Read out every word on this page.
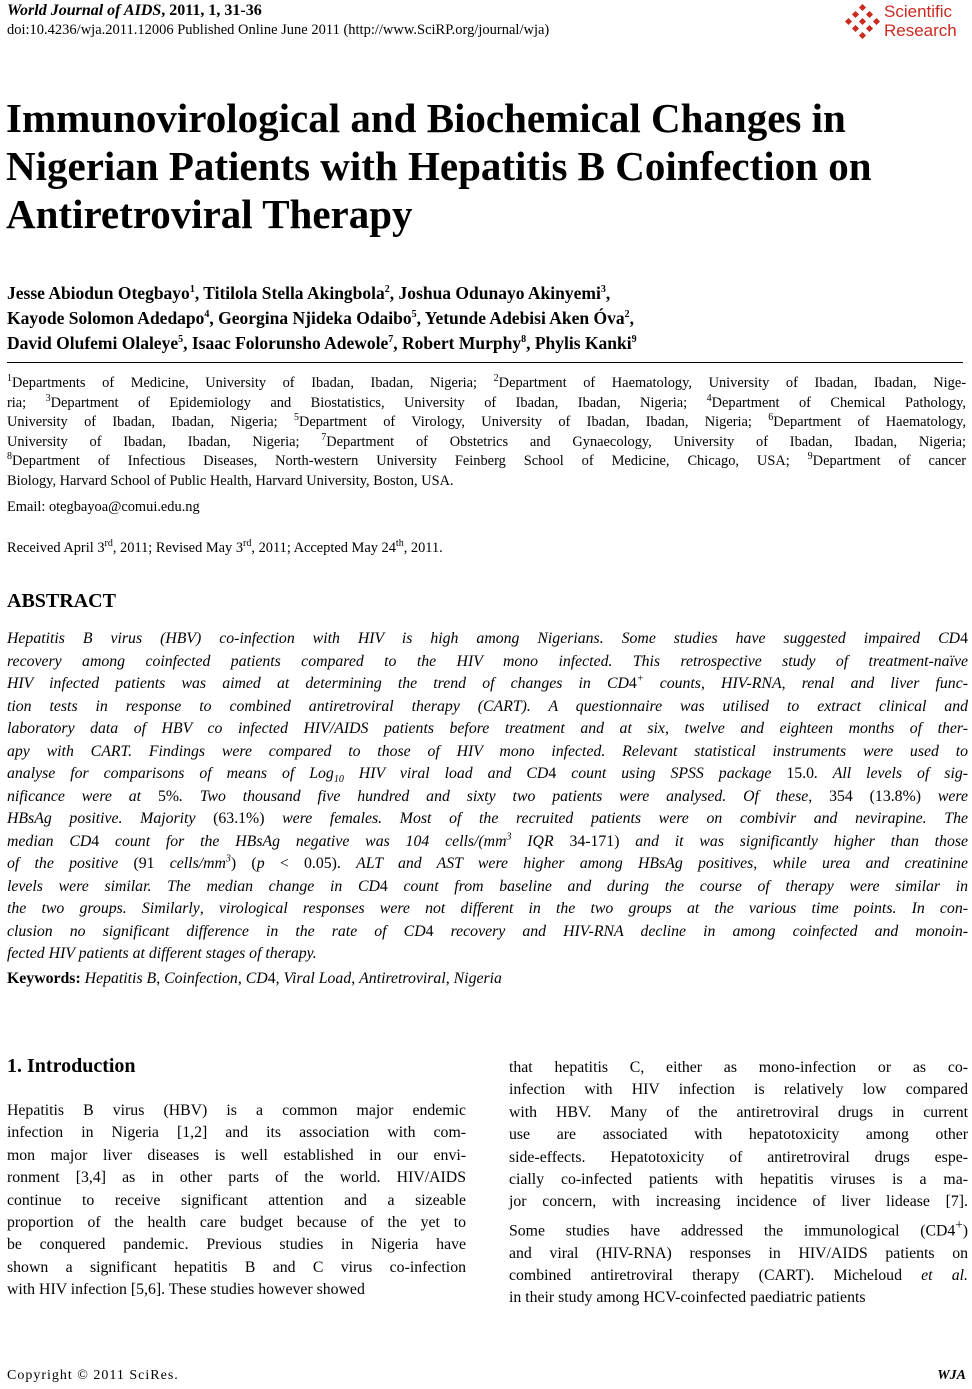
World Journal of AIDS, 2011, 1, 31-36
doi:10.4236/wja.2011.12006 Published Online June 2011 (http://www.SciRP.org/journal/wja)
Scientific
Research
Immunovirological and Biochemical Changes in
Nigerian Patients with Hepatitis B Coinfection on
Antiretroviral Therapy
Jesse Abiodun Otegbayo$^1$, Titilola Stella Akingbola$^2$, Joshua Odunayo Akinyemi$^3$,
Kayode Solomon Adedapo$^4$, Georgina Njideka Odaibo$^5$, Yetunde Adebisi Aken Óva$^2$,
David Olufemi Olaleye$^5$, Isaac Folorunsho Adewole$^7$, Robert Murphy$^8$, Phylis Kanki$^9$
$^1$Departments of Medicine, University of Ibadan, Ibadan, Nigeria; $^2$Department of Haematology, University of Ibadan, Ibadan, Nige-
ria; $^3$Department of Epidemiology and Biostatistics, University of Ibadan, Ibadan, Nigeria; $^4$Department of Chemical Pathology,
University of Ibadan, Ibadan, Nigeria; $^5$Department of Virology, University of Ibadan, Ibadan, Nigeria; $^6$Department of Haematology,
University of Ibadan, Ibadan, Nigeria; $^7$Department of Obstetrics and Gynaecology, University of Ibadan, Ibadan, Nigeria;
$^8$Department of Infectious Diseases, North-western University Feinberg School of Medicine, Chicago, USA; $^9$Department of cancer
Biology, Harvard School of Public Health, Harvard University, Boston, USA.
Email: otegbayoa@comui.edu.ng
Received April 3rd, 2011; Revised May 3rd, 2011; Accepted May 24th, 2011.
ABSTRACT
Hepatitis B virus (HBV) co-infection with HIV is high among Nigerians. Some studies have suggested impaired CD4
recovery among coinfected patients compared to the HIV mono infected. This retrospective study of treatment-naïve
HIV infected patients was aimed at determining the trend of changes in CD4+ counts, HIV-RNA, renal and liver func-
tion tests in response to combined antiretroviral therapy (CART). A questionnaire was utilised to extract clinical and
laboratory data of HBV co infected HIV/AIDS patients before treatment and at six, twelve and eighteen months of ther-
apy with CART. Findings were compared to those of HIV mono infected. Relevant statistical instruments were used to
analyse for comparisons of means of Log$_{10}$ HIV viral load and CD4 count using SPSS package 15.0. All levels of sig-
nificance were at 5%. Two thousand five hundred and sixty two patients were analysed. Of these, 354 (13.8%) were
HBsAg positive. Majority (63.1%) were females. Most of the recruited patients were on combivir and nevirapine. The
median CD4 count for the HBsAg negative was 104 cells/($mm^3$ IQR 34-171) and it was significantly higher than those
of the positive (91 cells/$mm^3$) (p < 0.05). ALT and AST were higher among HBsAg positives, while urea and creatinine
levels were similar. The median change in CD4 count from baseline and during the course of therapy were similar in
the two groups. Similarly, virological responses were not different in the two groups at the various time points. In con-
clusion no significant difference in the rate of CD4 recovery and HIV-RNA decline in among coinfected and monoin-
fected HIV patients at different stages of therapy.
Keywords: Hepatitis B, Coinfection, CD4, Viral Load, Antiretroviral, Nigeria
1. Introduction
Hepatitis B virus (HBV) is a common major endemic
infection in Nigeria [1,2] and its association with com-
mon major liver diseases is well established in our envi-
ronment [3,4] as in other parts of the world. HIV/AIDS
continue to receive significant attention and a sizeable
proportion of the health care budget because of the yet to
be conquered pandemic. Previous studies in Nigeria have
shown a significant hepatitis B and C virus co-infection
with HIV infection [5,6]. These studies however showed
that hepatitis C, either as mono-infection or as co-
infection with HIV infection is relatively low compared
with HBV. Many of the antiretroviral drugs in current
use are associated with hepatotoxicity among other
side-effects. Hepatotoxicity of antiretroviral drugs espe-
cially co-infected patients with hepatitis viruses is a ma-
jor concern, with increasing incidence of liver lidease [7].
Some studies have addressed the immunological (CD4+)
and viral (HIV-RNA) responses in HIV/AIDS patients on
combined antiretroviral therapy (CART). Micheloud et al.
in their study among HCV-coinfected paediatric patients
Copyright © 2011 SciRes.	WJA
